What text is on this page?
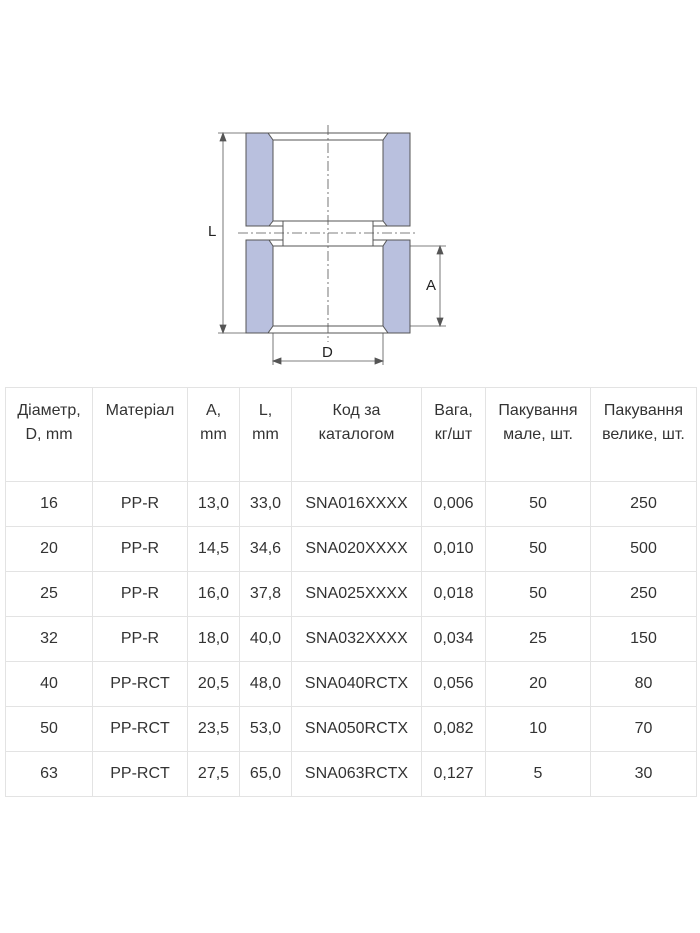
L
A
D
Діаметр, D, mm	Матеріал	А, mm	L, mm	Код за каталогом	Вага, кг/шт	Пакування мале, шт.	Пакування велике, шт.
16	PP-R	13,0	33,0	SNA016XXXX	0,006	50	250
20	PP-R	14,5	34,6	SNA020XXXX	0,010	50	500
25	PP-R	16,0	37,8	SNA025XXXX	0,018	50	250
32	PP-R	18,0	40,0	SNA032XXXX	0,034	25	150
40	PP-RCT	20,5	48,0	SNA040RCTX	0,056	20	80
50	PP-RCT	23,5	53,0	SNA050RCTX	0,082	10	70
63	PP-RCT	27,5	65,0	SNA063RCTX	0,127	5	30
